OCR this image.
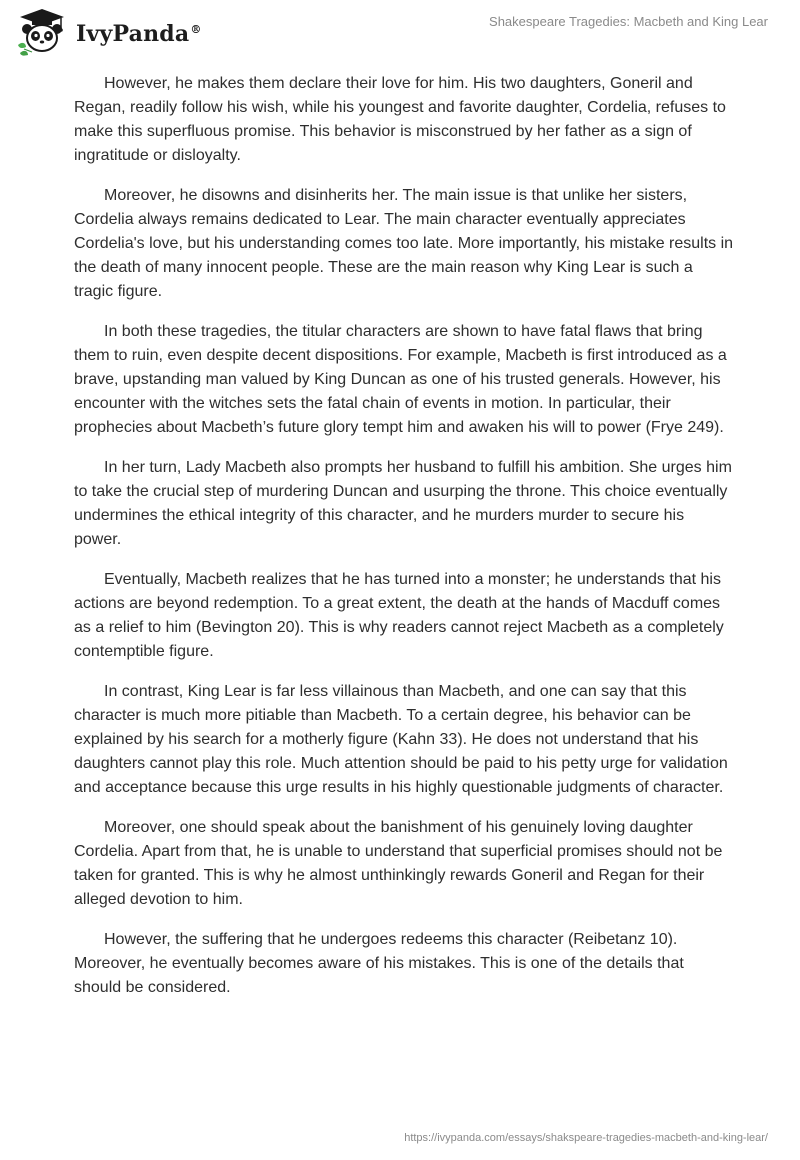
IvyPanda®
Shakespeare Tragedies: Macbeth and King Lear

However, he makes them declare their love for him. His two daughters, Goneril and Regan, readily follow his wish, while his youngest and favorite daughter, Cordelia, refuses to make this superfluous promise. This behavior is misconstrued by her father as a sign of ingratitude or disloyalty.

Moreover, he disowns and disinherits her. The main issue is that unlike her sisters, Cordelia always remains dedicated to Lear. The main character eventually appreciates Cordelia's love, but his understanding comes too late. More importantly, his mistake results in the death of many innocent people. These are the main reason why King Lear is such a tragic figure.

In both these tragedies, the titular characters are shown to have fatal flaws that bring them to ruin, even despite decent dispositions. For example, Macbeth is first introduced as a brave, upstanding man valued by King Duncan as one of his trusted generals. However, his encounter with the witches sets the fatal chain of events in motion. In particular, their prophecies about Macbeth’s future glory tempt him and awaken his will to power (Frye 249).

In her turn, Lady Macbeth also prompts her husband to fulfill his ambition. She urges him to take the crucial step of murdering Duncan and usurping the throne. This choice eventually undermines the ethical integrity of this character, and he murders murder to secure his power.

Eventually, Macbeth realizes that he has turned into a monster; he understands that his actions are beyond redemption. To a great extent, the death at the hands of Macduff comes as a relief to him (Bevington 20). This is why readers cannot reject Macbeth as a completely contemptible figure.

In contrast, King Lear is far less villainous than Macbeth, and one can say that this character is much more pitiable than Macbeth. To a certain degree, his behavior can be explained by his search for a motherly figure (Kahn 33). He does not understand that his daughters cannot play this role. Much attention should be paid to his petty urge for validation and acceptance because this urge results in his highly questionable judgments of character.

Moreover, one should speak about the banishment of his genuinely loving daughter Cordelia. Apart from that, he is unable to understand that superficial promises should not be taken for granted. This is why he almost unthinkingly rewards Goneril and Regan for their alleged devotion to him.

However, the suffering that he undergoes redeems this character (Reibetanz 10). Moreover, he eventually becomes aware of his mistakes. This is one of the details that should be considered.

https://ivypanda.com/essays/shakspeare-tragedies-macbeth-and-king-lear/
